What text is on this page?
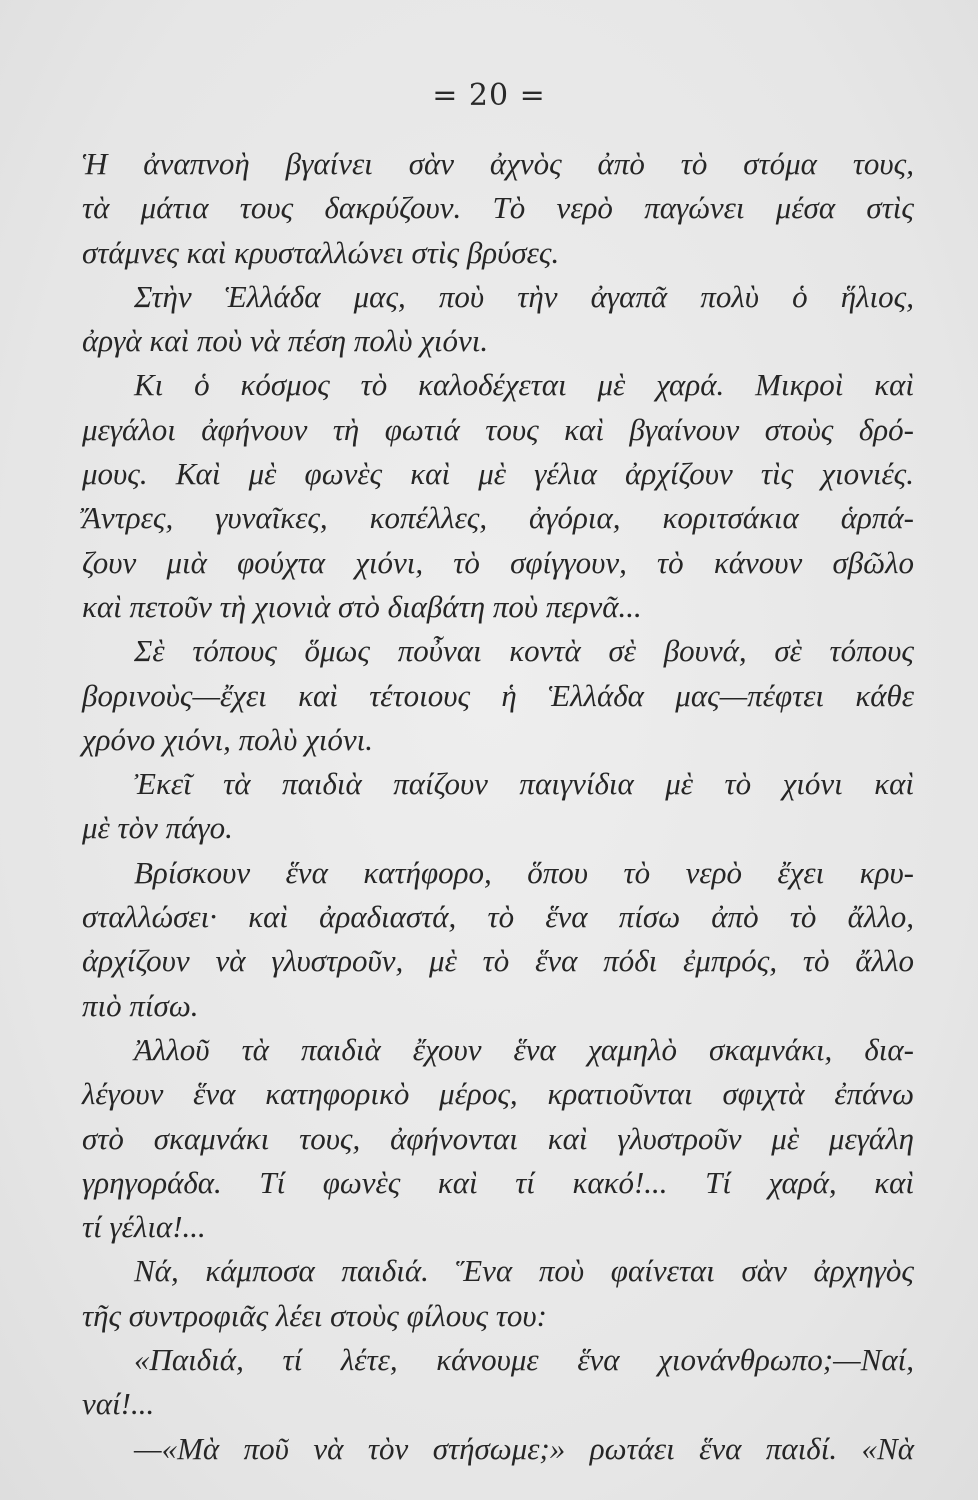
= 20 =
Ἡ ἀναπνοὴ βγαίνει σὰν ἀχνὸς ἀπὸ τὸ στόμα τους,
τὰ μάτια τους δακρύζουν. Τὸ νερὸ παγώνει μέσα στὶς
στάμνες καὶ κρυσταλλώνει στὶς βρύσες.
Στὴν Ἑλλάδα μας, ποὺ τὴν ἀγαπᾶ πολὺ ὁ ἥλιος,
ἀργὰ καὶ ποὺ νὰ πέση πολὺ χιόνι.
Κι ὁ κόσμος τὸ καλοδέχεται μὲ χαρά. Μικροὶ καὶ
μεγάλοι ἀφήνουν τὴ φωτιά τους καὶ βγαίνουν στοὺς δρό-
μους. Καὶ μὲ φωνὲς καὶ μὲ γέλια ἀρχίζουν τὶς χιονιές.
Ἄντρες, γυναῖκες, κοπέλλες, ἀγόρια, κοριτσάκια ἁρπά-
ζουν μιὰ φούχτα χιόνι, τὸ σφίγγουν, τὸ κάνουν σβῶλο
καὶ πετοῦν τὴ χιονιὰ στὸ διαβάτη ποὺ περνᾶ...
Σὲ τόπους ὅμως ποὖναι κοντὰ σὲ βουνά, σὲ τόπους
βορινοὺς—ἔχει καὶ τέτοιους ἡ Ἑλλάδα μας—πέφτει κάθε
χρόνο χιόνι, πολὺ χιόνι.
Ἐκεῖ τὰ παιδιὰ παίζουν παιγνίδια μὲ τὸ χιόνι καὶ
μὲ τὸν πάγο.
Βρίσκουν ἕνα κατήφορο, ὅπου τὸ νερὸ ἔχει κρυ-
σταλλώσει· καὶ ἀραδιαστά, τὸ ἕνα πίσω ἀπὸ τὸ ἄλλο,
ἀρχίζουν νὰ γλυστροῦν, μὲ τὸ ἕνα πόδι ἐμπρός, τὸ ἄλλο
πιὸ πίσω.
Ἀλλοῦ τὰ παιδιὰ ἔχουν ἕνα χαμηλὸ σκαμνάκι, δια-
λέγουν ἕνα κατηφορικὸ μέρος, κρατιοῦνται σφιχτὰ ἐπάνω
στὸ σκαμνάκι τους, ἀφήνονται καὶ γλυστροῦν μὲ μεγάλη
γρηγοράδα. Τί φωνὲς καὶ τί κακό!... Τί χαρά, καὶ
τί γέλια!...
Νά, κάμποσα παιδιά. Ἕνα ποὺ φαίνεται σὰν ἀρχηγὸς
τῆς συντροφιᾶς λέει στοὺς φίλους του:
«Παιδιά, τί λέτε, κάνουμε ἕνα χιονάνθρωπο;—Ναί,
ναί!...
—«Μὰ ποῦ νὰ τὸν στήσωμε;» ρωτάει ἕνα παιδί. «Νὰ
